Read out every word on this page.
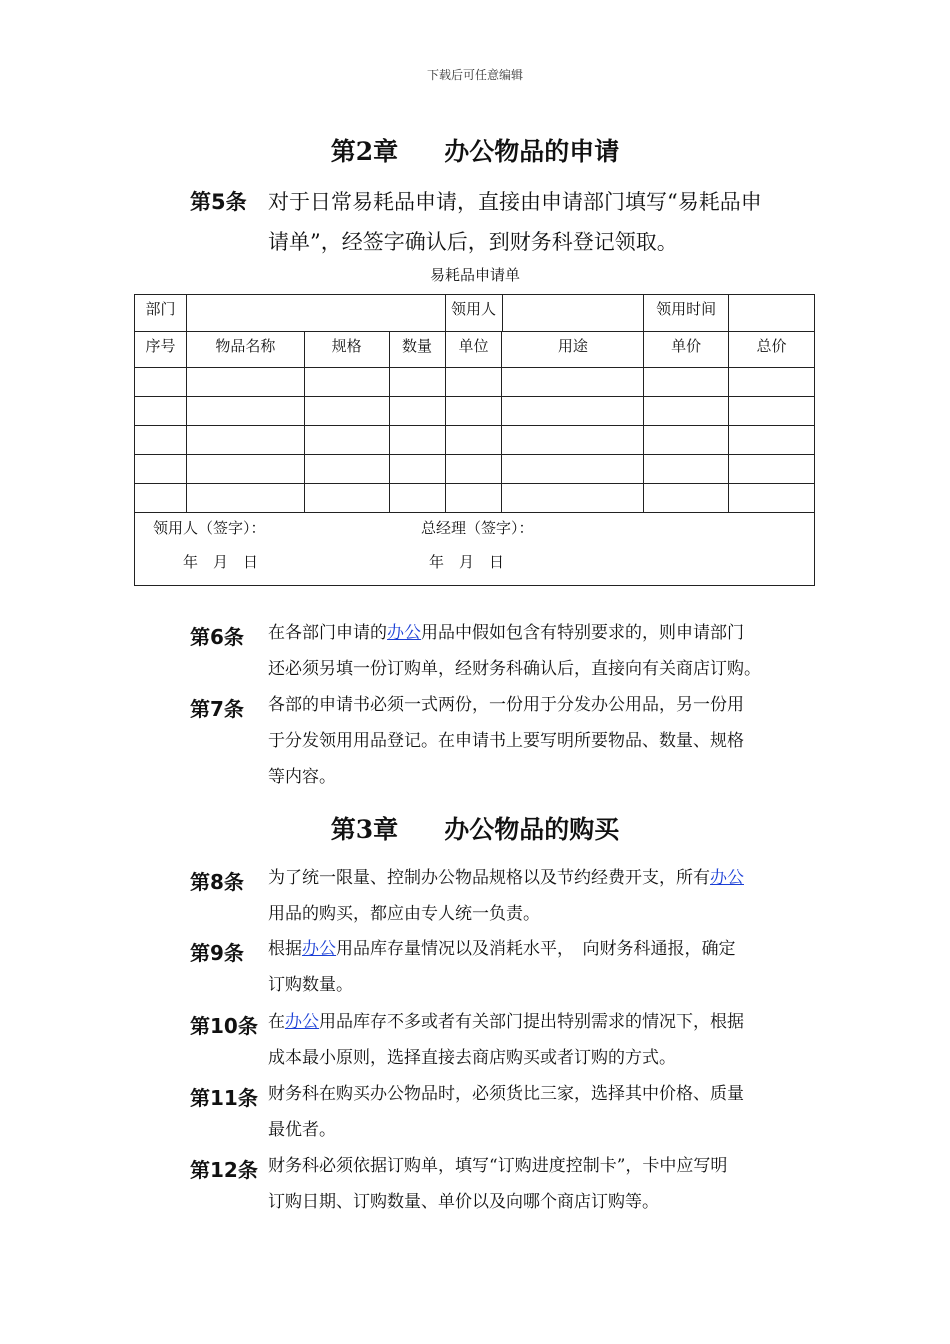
下载后可任意编辑
第2章 办公物品的申请
第5条 对于日常易耗品申请，直接由申请部门填写“易耗品申
请单”，经签字确认后，到财务科登记领取。
易耗品申请单
部门				领用人		领用时间	
序号	物品名称	规格	数量	单位	用途	单价	总价

领用人（签字）： 总经理（签字）：
年　月　日 年　月　日							
第6条 在各部门申请的办公用品中假如包含有特别要求的，则申请部门
还必须另填一份订购单，经财务科确认后，直接向有关商店订购。
第7条 各部的申请书必须一式两份，一份用于分发办公用品，另一份用
于分发领用用品登记。在申请书上要写明所要物品、数量、规格
等内容。
第3章 办公物品的购买
第8条 为了统一限量、控制办公物品规格以及节约经费开支，所有办公
用品的购买，都应由专人统一负责。
第9条 根据办公用品库存量情况以及消耗水平，　向财务科通报，确定
订购数量。
第10条 在办公用品库存不多或者有关部门提出特别需求的情况下，根据
成本最小原则，选择直接去商店购买或者订购的方式。
第11条 财务科在购买办公物品时，必须货比三家，选择其中价格、质量
最优者。
第12条 财务科必须依据订购单，填写“订购进度控制卡”，卡中应写明
订购日期、订购数量、单价以及向哪个商店订购等。
